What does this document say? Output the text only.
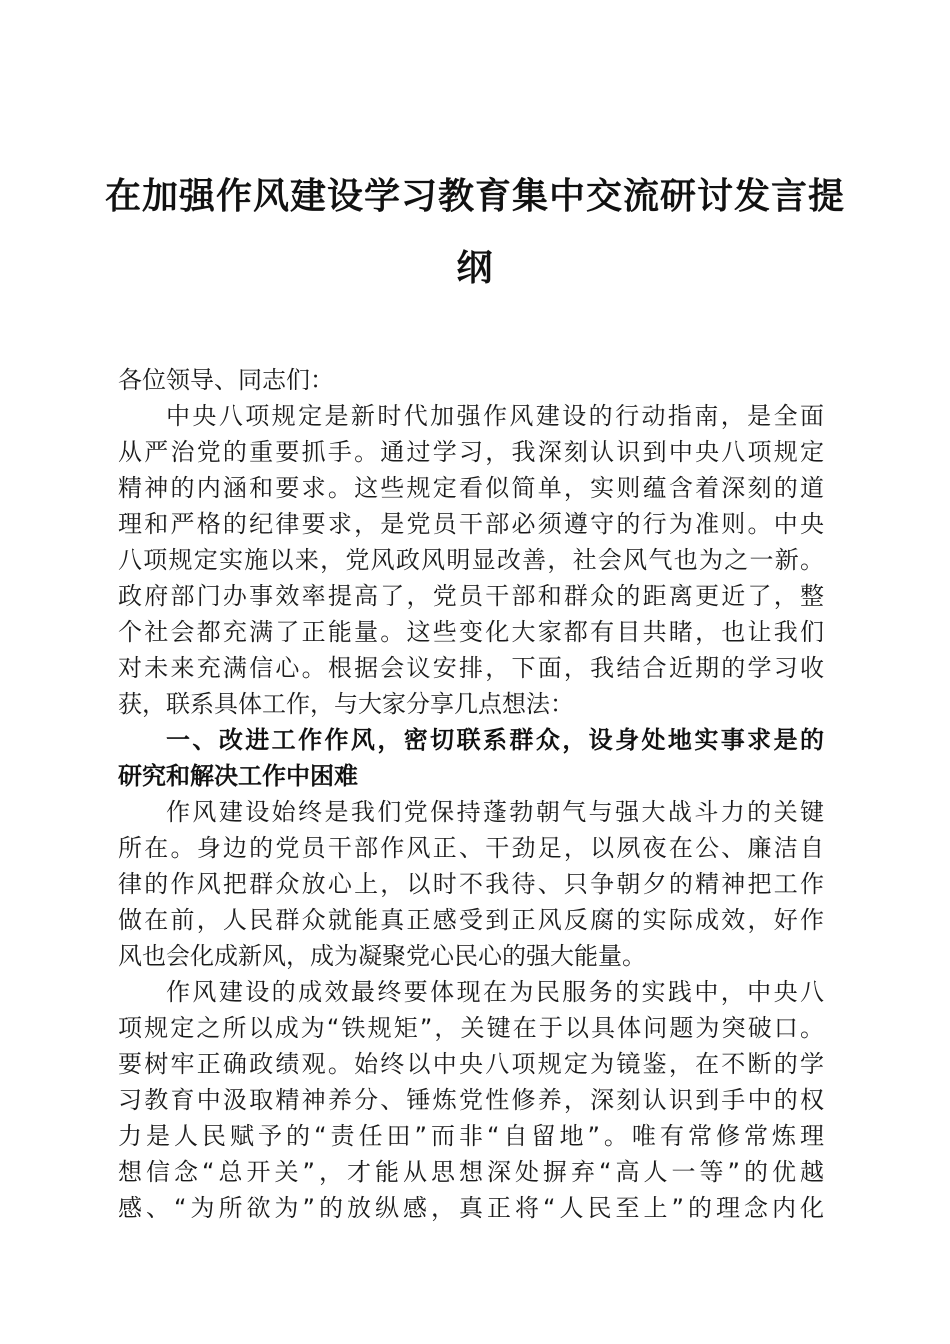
在加强作风建设学习教育集中交流研讨发言提
纲
各位领导、同志们：
中央八项规定是新时代加强作风建设的行动指南，是全面
从严治党的重要抓手。通过学习，我深刻认识到中央八项规定
精神的内涵和要求。这些规定看似简单，实则蕴含着深刻的道
理和严格的纪律要求，是党员干部必须遵守的行为准则。中央
八项规定实施以来，党风政风明显改善，社会风气也为之一新。
政府部门办事效率提高了，党员干部和群众的距离更近了，整
个社会都充满了正能量。这些变化大家都有目共睹，也让我们
对未来充满信心。根据会议安排，下面，我结合近期的学习收
获，联系具体工作，与大家分享几点想法：
一、改进工作作风，密切联系群众，设身处地实事求是的
研究和解决工作中困难
作风建设始终是我们党保持蓬勃朝气与强大战斗力的关键
所在。身边的党员干部作风正、干劲足，以夙夜在公、廉洁自
律的作风把群众放心上，以时不我待、只争朝夕的精神把工作
做在前，人民群众就能真正感受到正风反腐的实际成效，好作
风也会化成新风，成为凝聚党心民心的强大能量。
作风建设的成效最终要体现在为民服务的实践中，中央八
项规定之所以成为“铁规矩”，关键在于以具体问题为突破口。
要树牢正确政绩观。始终以中央八项规定为镜鉴，在不断的学
习教育中汲取精神养分、锤炼党性修养，深刻认识到手中的权
力是人民赋予的“责任田”而非“自留地”。唯有常修常炼理
想信念“总开关”，才能从思想深处摒弃“高人一等”的优越
感、“为所欲为”的放纵感，真正将“人民至上”的理念内化
